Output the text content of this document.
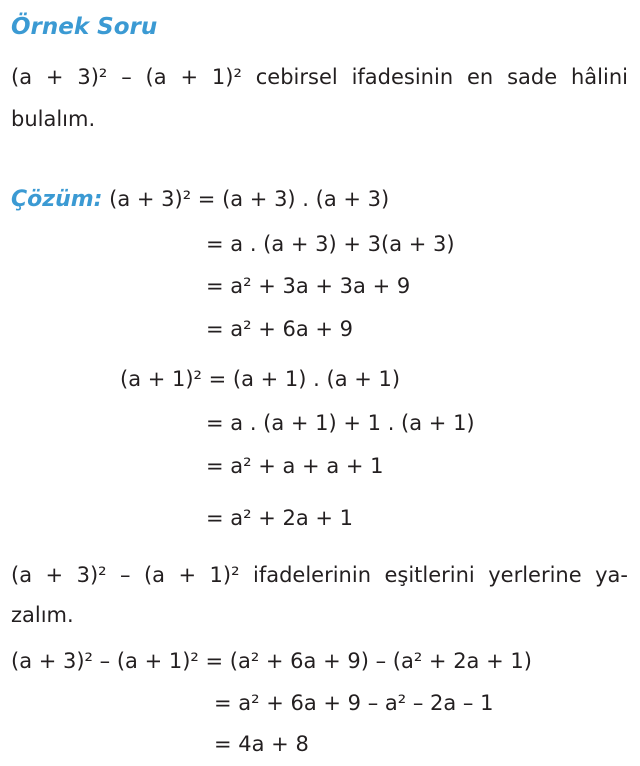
Örnek Soru
(a + 3)² – (a + 1)² cebirsel ifadesinin en sade hâlini
bulalım.
Çözüm: (a + 3)² = (a + 3) . (a + 3)
= a . (a + 3) + 3(a + 3)
= a² + 3a + 3a + 9
= a² + 6a + 9
(a + 1)² = (a + 1) . (a + 1)
= a . (a + 1) + 1 . (a + 1)
= a² + a + a + 1
= a² + 2a + 1
(a + 3)² – (a + 1)² ifadelerinin eşitlerini yerlerine ya-
zalım.
(a + 3)² – (a + 1)² = (a² + 6a + 9) – (a² + 2a + 1)
= a² + 6a + 9 – a² – 2a – 1
= 4a + 8
